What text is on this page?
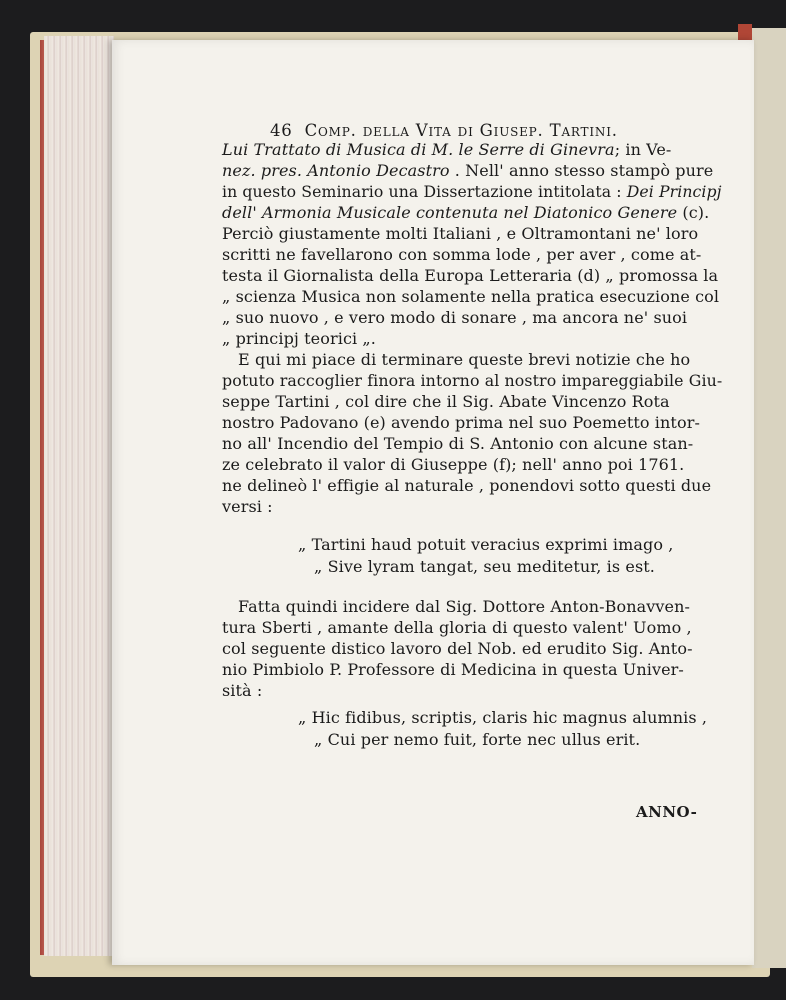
46 Comp. della Vita di Giusep. Tartini.
Lui Trattato di Musica di M. le Serre di Ginevra; in Ve-
nez. pres. Antonio Decastro . Nell' anno stesso stampò pure
in questo Seminario una Dissertazione intitolata : Dei Principj
dell' Armonia Musicale contenuta nel Diatonico Genere (c).
Perciò giustamente molti Italiani , e Oltramontani ne' loro
scritti ne favellarono con somma lode , per aver , come at-
testa il Giornalista della Europa Letteraria (d) „ promossa la
„ scienza Musica non solamente nella pratica esecuzione col
„ suo nuovo , e vero modo di sonare , ma ancora ne' suoi
„ principj teorici „.
E qui mi piace di terminare queste brevi notizie che ho
potuto raccoglier finora intorno al nostro impareggiabile Giu-
seppe Tartini , col dire che il Sig. Abate Vincenzo Rota
nostro Padovano (e) avendo prima nel suo Poemetto intor-
no all' Incendio del Tempio di S. Antonio con alcune stan-
ze celebrato il valor di Giuseppe (f); nell' anno poi 1761.
ne delineò l' effigie al naturale , ponendovi sotto questi due
versi :
„ Tartini haud potuit veracius exprimi imago ,
„ Sive lyram tangat, seu meditetur, is est.
Fatta quindi incidere dal Sig. Dottore Anton-Bonavven-
tura Sberti , amante della gloria di questo valent' Uomo ,
col seguente distico lavoro del Nob. ed erudito Sig. Anto-
nio Pimbiolo P. Professore di Medicina in questa Univer-
sità :
„ Hic fidibus, scriptis, claris hic magnus alumnis ,
„ Cui per nemo fuit, forte nec ullus erit.
ANNO-
